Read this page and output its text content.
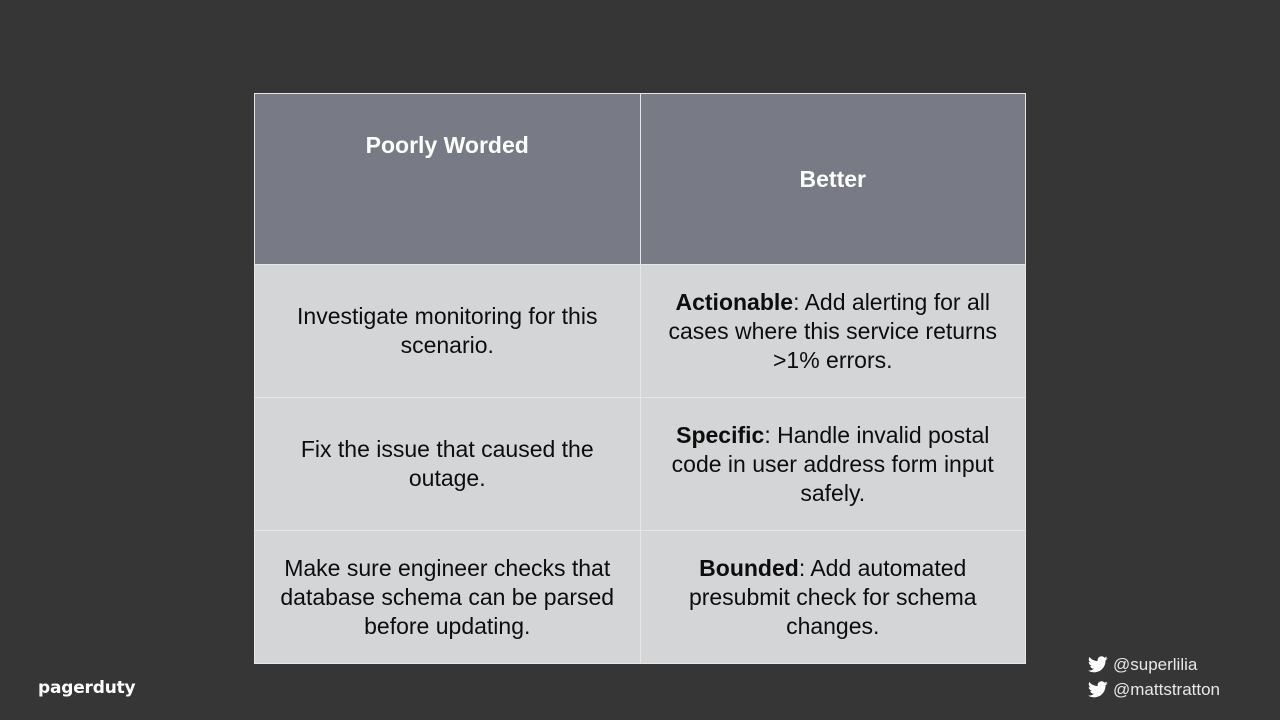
Poorly Worded	Better
Investigate monitoring for this scenario.	Actionable: Add alerting for all cases where this service returns >1% errors.
Fix the issue that caused the outage.	Specific: Handle invalid postal code in user address form input safely.
Make sure engineer checks that database schema can be parsed before updating.	Bounded: Add automated presubmit check for schema changes.
pagerduty
@superlilia
@mattstratton
